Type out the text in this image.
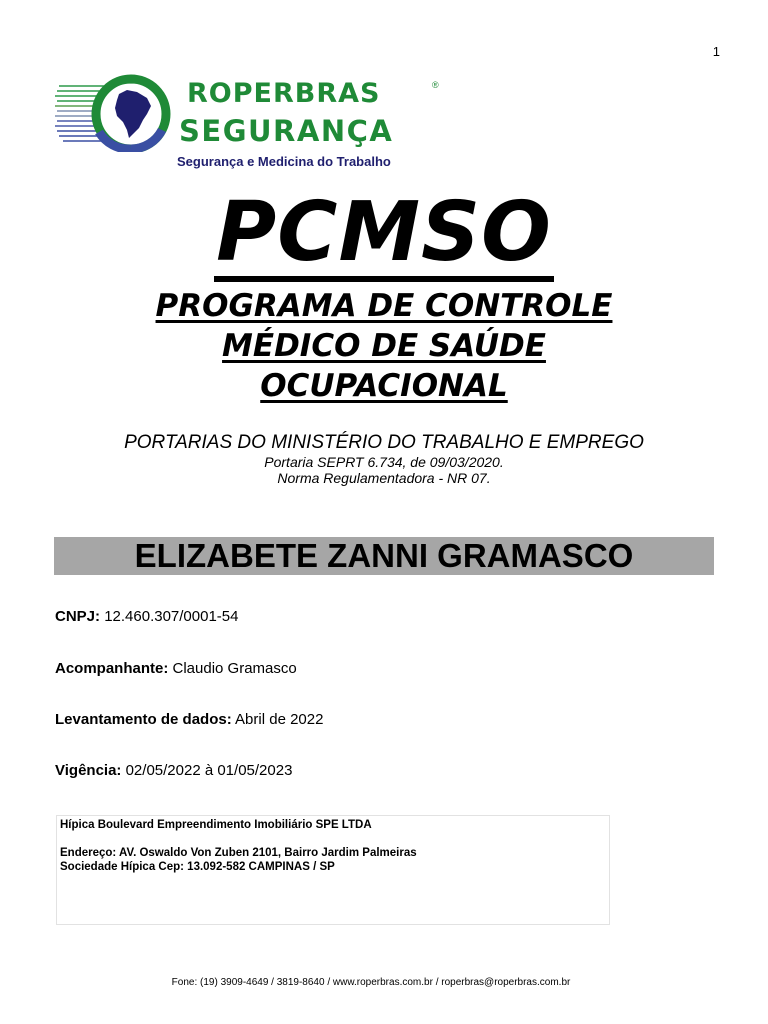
1
ROPERBRAS	®
SEGURANÇA
Segurança e Medicina do Trabalho
PCMSO
PROGRAMA DE CONTROLE
MÉDICO DE SAÚDE
OCUPACIONAL
PORTARIAS DO MINISTÉRIO DO TRABALHO E EMPREGO
Portaria SEPRT 6.734, de 09/03/2020.
Norma Regulamentadora - NR 07.
ELIZABETE ZANNI GRAMASCO
CNPJ: 12.460.307/0001-54
Acompanhante: Claudio Gramasco
Levantamento de dados: Abril de 2022
Vigência: 02/05/2022 à 01/05/2023
Hípica Boulevard Empreendimento Imobiliário SPE LTDA
Endereço: AV. Oswaldo Von Zuben 2101, Bairro Jardim Palmeiras
Sociedade Hípica Cep: 13.092-582 CAMPINAS / SP
Fone: (19) 3909-4649 / 3819-8640 / www.roperbras.com.br / roperbras@roperbras.com.br
